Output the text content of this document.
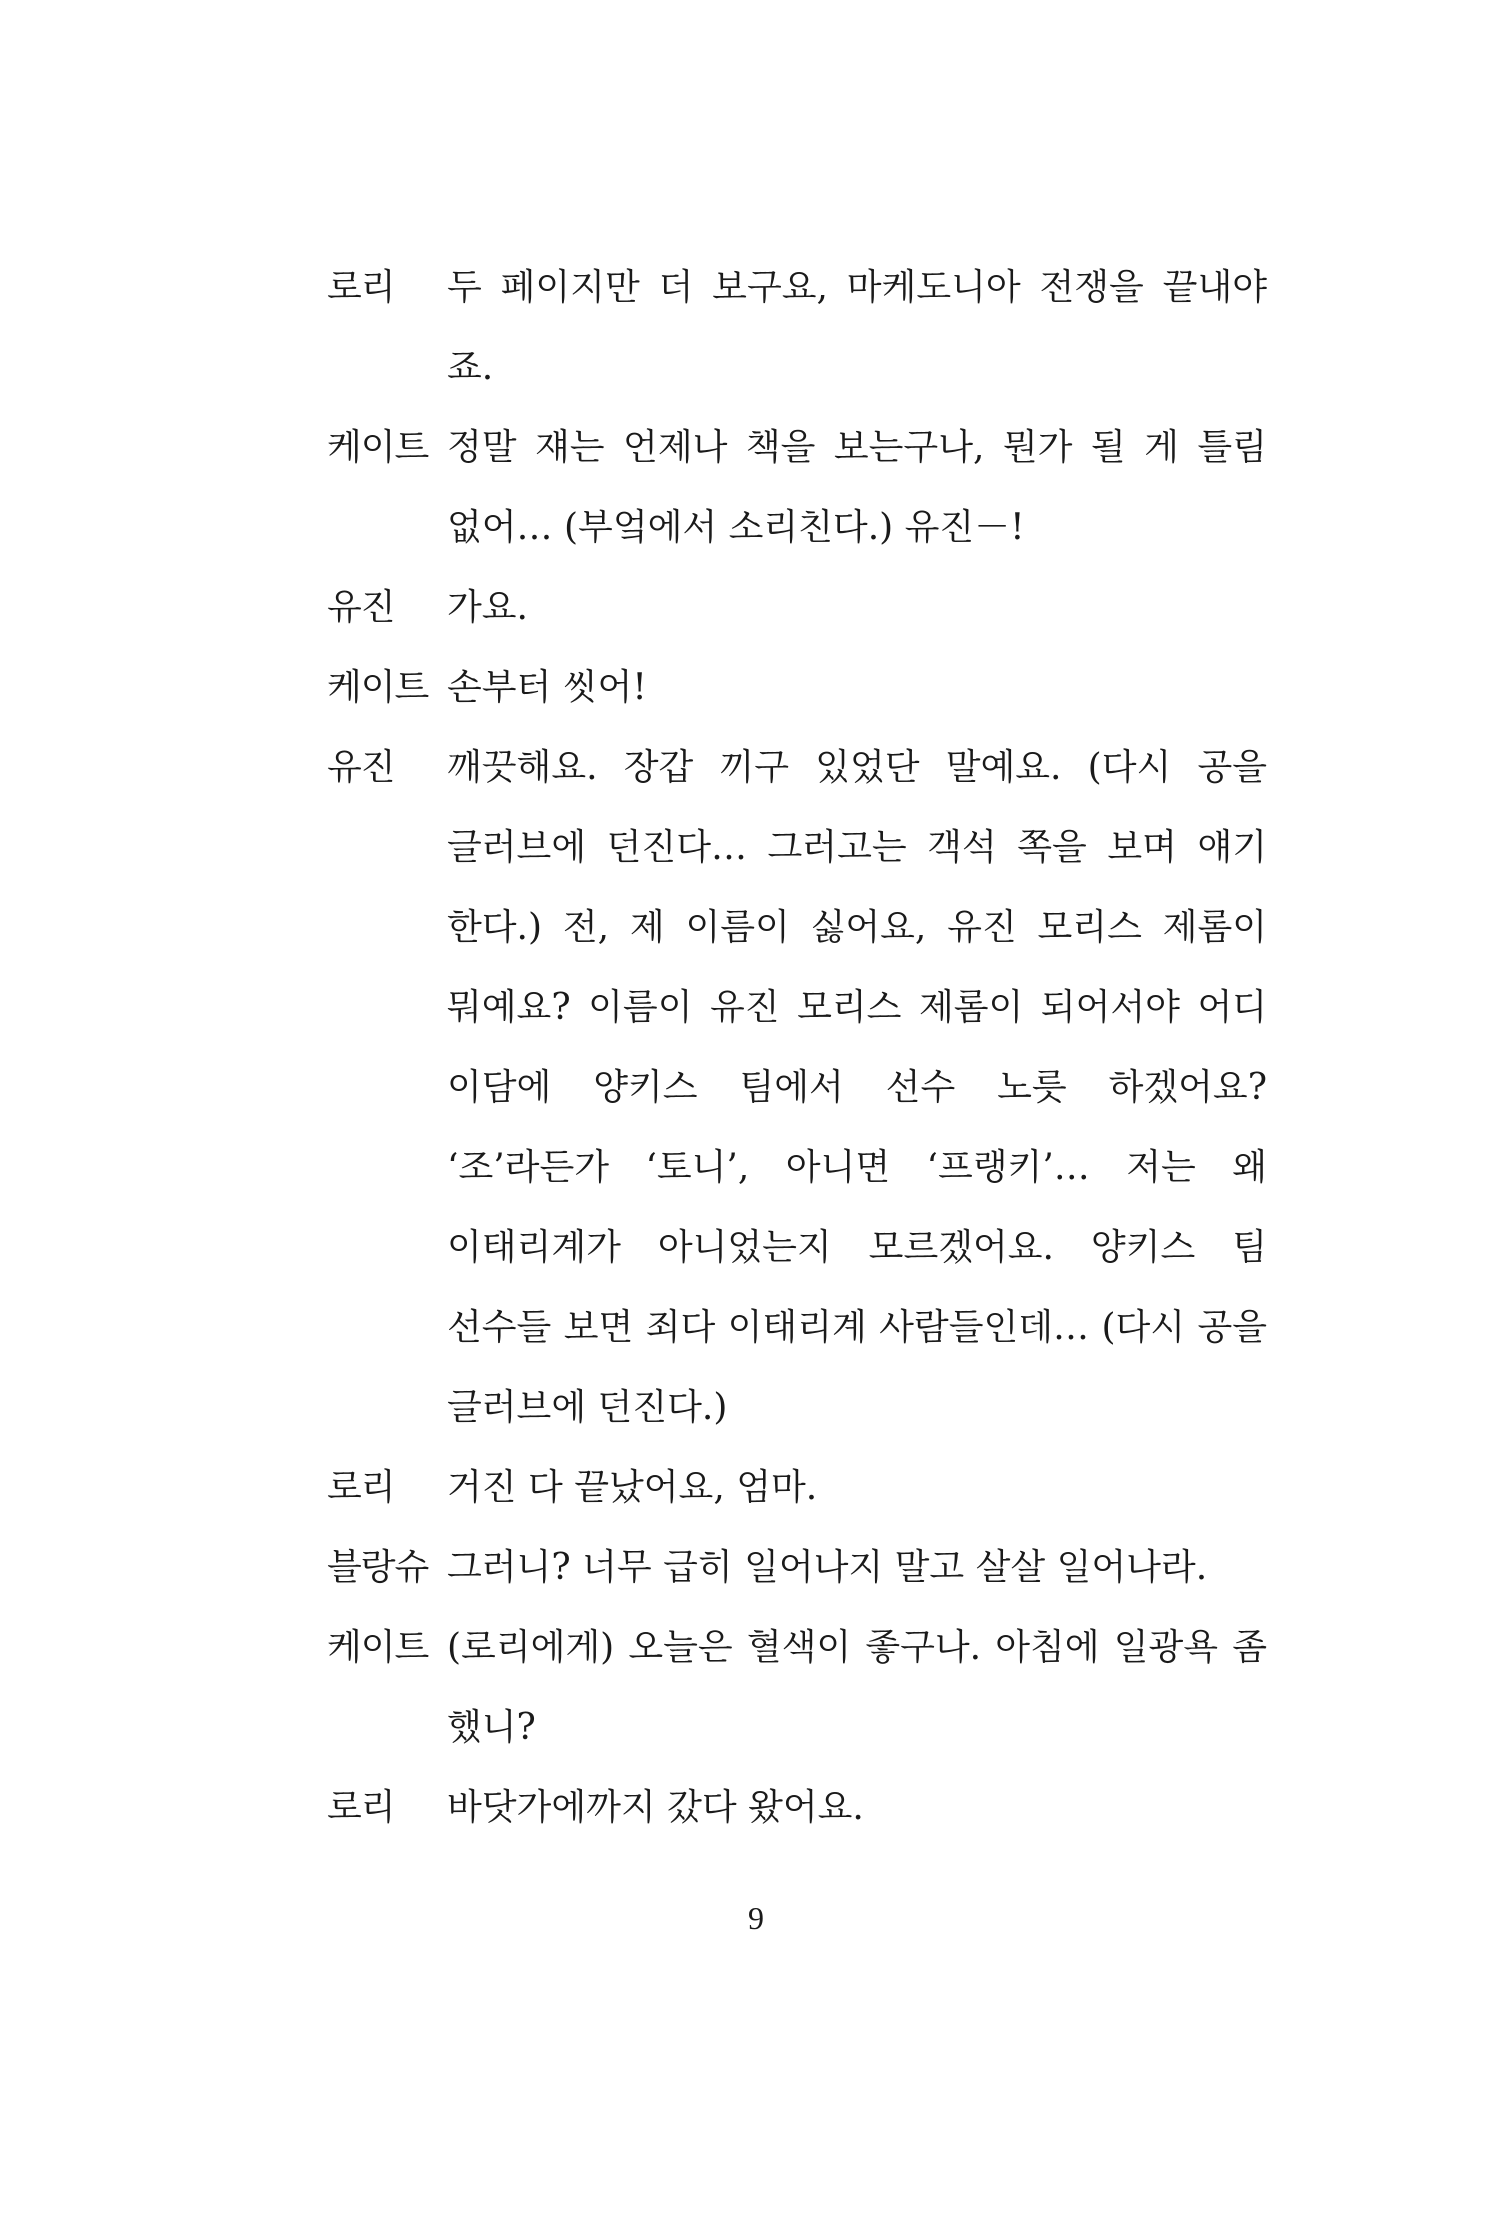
로리	두 페이지만 더 보구요, 마케도니아 전쟁을 끝내야 죠.
케이트 정말 쟤는 언제나 책을 보는구나, 뭔가 될 게 틀림 없어… (부엌에서 소리친다.) 유진－!
유진	가요.
케이트 손부터 씻어!
유진	깨끗해요. 장갑 끼구 있었단 말예요. (다시 공을 글러브에 던진다… 그러고는 객석 쪽을 보며 얘기 한다.) 전, 제 이름이 싫어요, 유진 모리스 제롬이 뭐예요? 이름이 유진 모리스 제롬이 되어서야 어디 이담에 양키스 팀에서 선수 노릇 하겠어요? ‘조’라든가 ‘토니’, 아니면 ‘프랭키’… 저는 왜 이태리계가 아니었는지 모르겠어요. 양키스 팀 선수들 보면 죄다 이태리계 사람들인데… (다시 공을 글러브에 던진다.)
로리	거진 다 끝났어요, 엄마.
블랑슈 그러니? 너무 급히 일어나지 말고 살살 일어나라.
케이트 (로리에게) 오늘은 혈색이 좋구나. 아침에 일광욕 좀 했니?
로리	바닷가에까지 갔다 왔어요.
9
